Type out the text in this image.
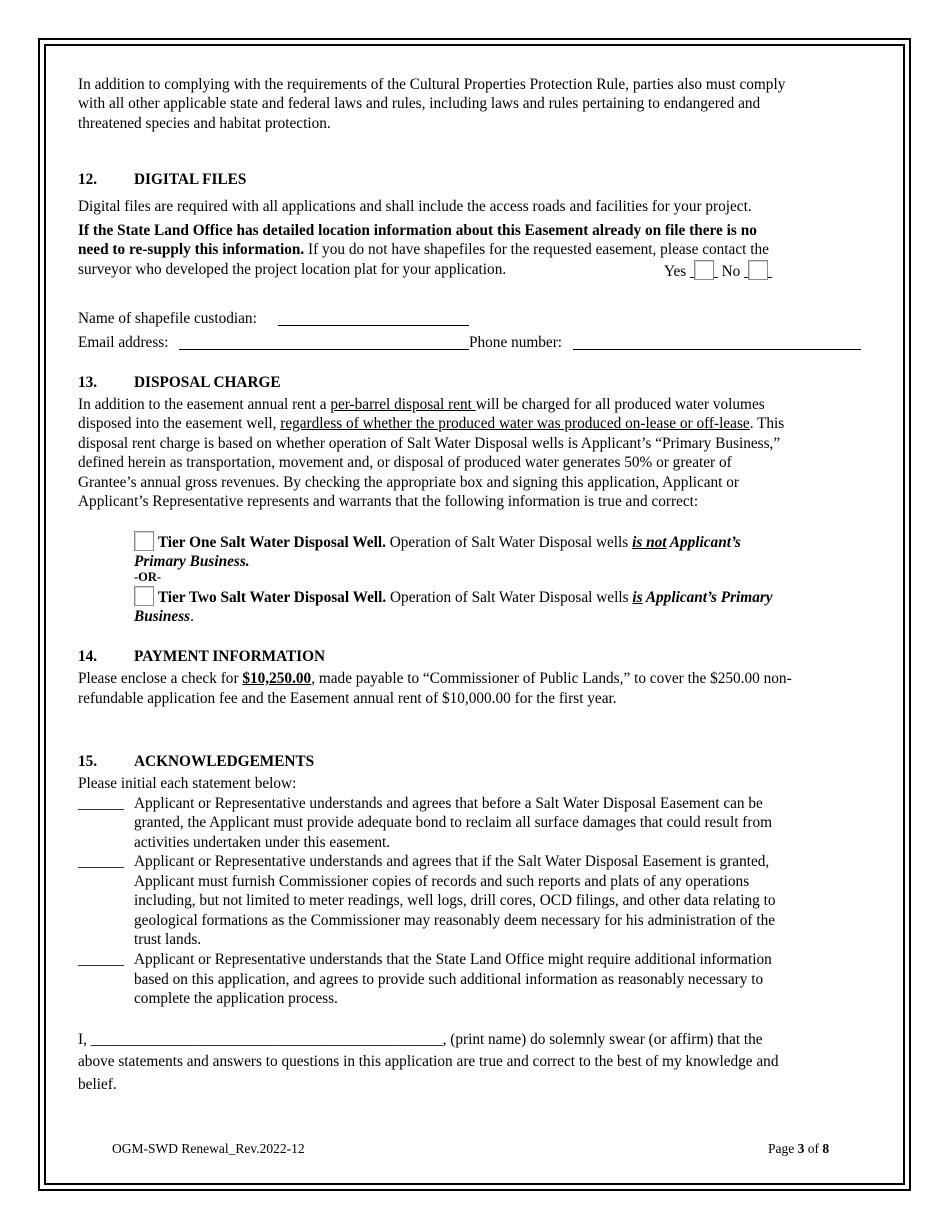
In addition to complying with the requirements of the Cultural Properties Protection Rule, parties also must comply
with all other applicable state and federal laws and rules, including laws and rules pertaining to endangered and
threatened species and habitat protection.
12. DIGITAL FILES
Digital files are required with all applications and shall include the access roads and facilities for your project.
If the State Land Office has detailed location information about this Easement already on file there is no
need to re-supply this information. If you do not have shapefiles for the requested easement, please contact the
surveyor who developed the project location plat for your application.	Yes No
Name of shapefile custodian:
Email address:	Phone number:
13. DISPOSAL CHARGE
In addition to the easement annual rent a per-barrel disposal rent will be charged for all produced water volumes
disposed into the easement well, regardless of whether the produced water was produced on-lease or off-lease. This
disposal rent charge is based on whether operation of Salt Water Disposal wells is Applicant’s “Primary Business,”
defined herein as transportation, movement and, or disposal of produced water generates 50% or greater of
Grantee’s annual gross revenues. By checking the appropriate box and signing this application, Applicant or
Applicant’s Representative represents and warrants that the following information is true and correct:
Tier One Salt Water Disposal Well. Operation of Salt Water Disposal wells is not Applicant’s
Primary Business.
-OR-
Tier Two Salt Water Disposal Well. Operation of Salt Water Disposal wells is Applicant’s Primary
Business.
14. PAYMENT INFORMATION
Please enclose a check for $10,250.00, made payable to “Commissioner of Public Lands,” to cover the $250.00 non-
refundable application fee and the Easement annual rent of $10,000.00 for the first year.
15. ACKNOWLEDGEMENTS
Please initial each statement below:
______ Applicant or Representative understands and agrees that before a Salt Water Disposal Easement can be
granted, the Applicant must provide adequate bond to reclaim all surface damages that could result from
activities undertaken under this easement.
______ Applicant or Representative understands and agrees that if the Salt Water Disposal Easement is granted,
Applicant must furnish Commissioner copies of records and such reports and plats of any operations
including, but not limited to meter readings, well logs, drill cores, OCD filings, and other data relating to
geological formations as the Commissioner may reasonably deem necessary for his administration of the
trust lands.
______ Applicant or Representative understands that the State Land Office might require additional information
based on this application, and agrees to provide such additional information as reasonably necessary to
complete the application process.
I, ______________________________________________, (print name) do solemnly swear (or affirm) that the
above statements and answers to questions in this application are true and correct to the best of my knowledge and
belief.
OGM-SWD Renewal_Rev.2022-12	Page 3 of 8
